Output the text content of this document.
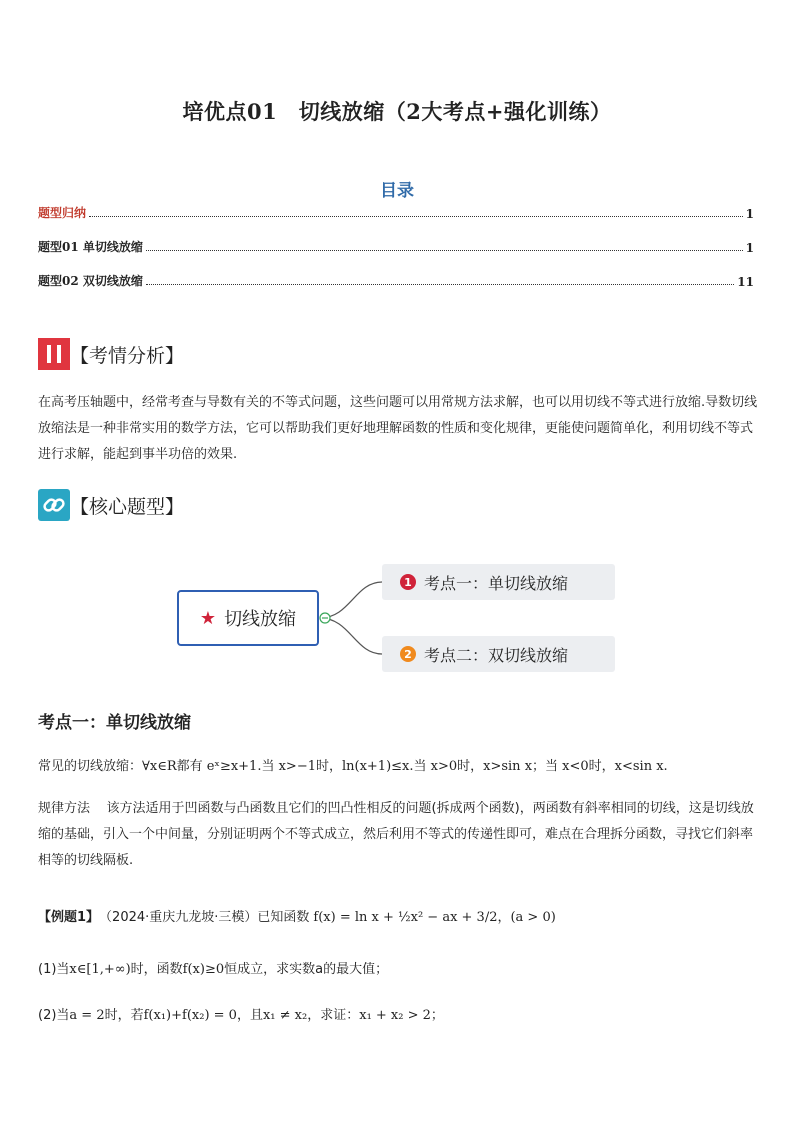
培优点01　切线放缩（2大考点+强化训练）
目录
题型归纳	1
题型01 单切线放缩	1
题型02 双切线放缩	11
【考情分析】
在高考压轴题中，经常考查与导数有关的不等式问题，这些问题可以用常规方法求解，也可以用切线不等式进行放缩.导数切线放缩法是一种非常实用的数学方法，它可以帮助我们更好地理解函数的性质和变化规律，更能使问题简单化，利用切线不等式进行求解，能起到事半功倍的效果.
【核心题型】
★ 切线放缩
1 考点一：单切线放缩
2 考点二：双切线放缩
考点一：单切线放缩
常见的切线放缩：∀x∈R都有 eˣ≥x+1.当 x>−1时，ln(x+1)≤x.当 x>0时，x>sin x；当 x<0时，x<sin x.
规律方法 该方法适用于凹函数与凸函数且它们的凹凸性相反的问题(拆成两个函数)，两函数有斜率相同的切线，这是切线放缩的基础，引入一个中间量，分别证明两个不等式成立，然后利用不等式的传递性即可，难点在合理拆分函数，寻找它们斜率相等的切线隔板.
【例题1】 （2024·重庆九龙坡·三模） 已知函数 f(x) = ln x + ½x² − ax + 3/2，(a > 0)
(1)当x∈[1,+∞)时，函数f(x)≥0恒成立，求实数a的最大值；
(2)当a = 2时，若f(x₁)+f(x₂) = 0，且x₁ ≠ x₂，求证：x₁ + x₂ > 2；
